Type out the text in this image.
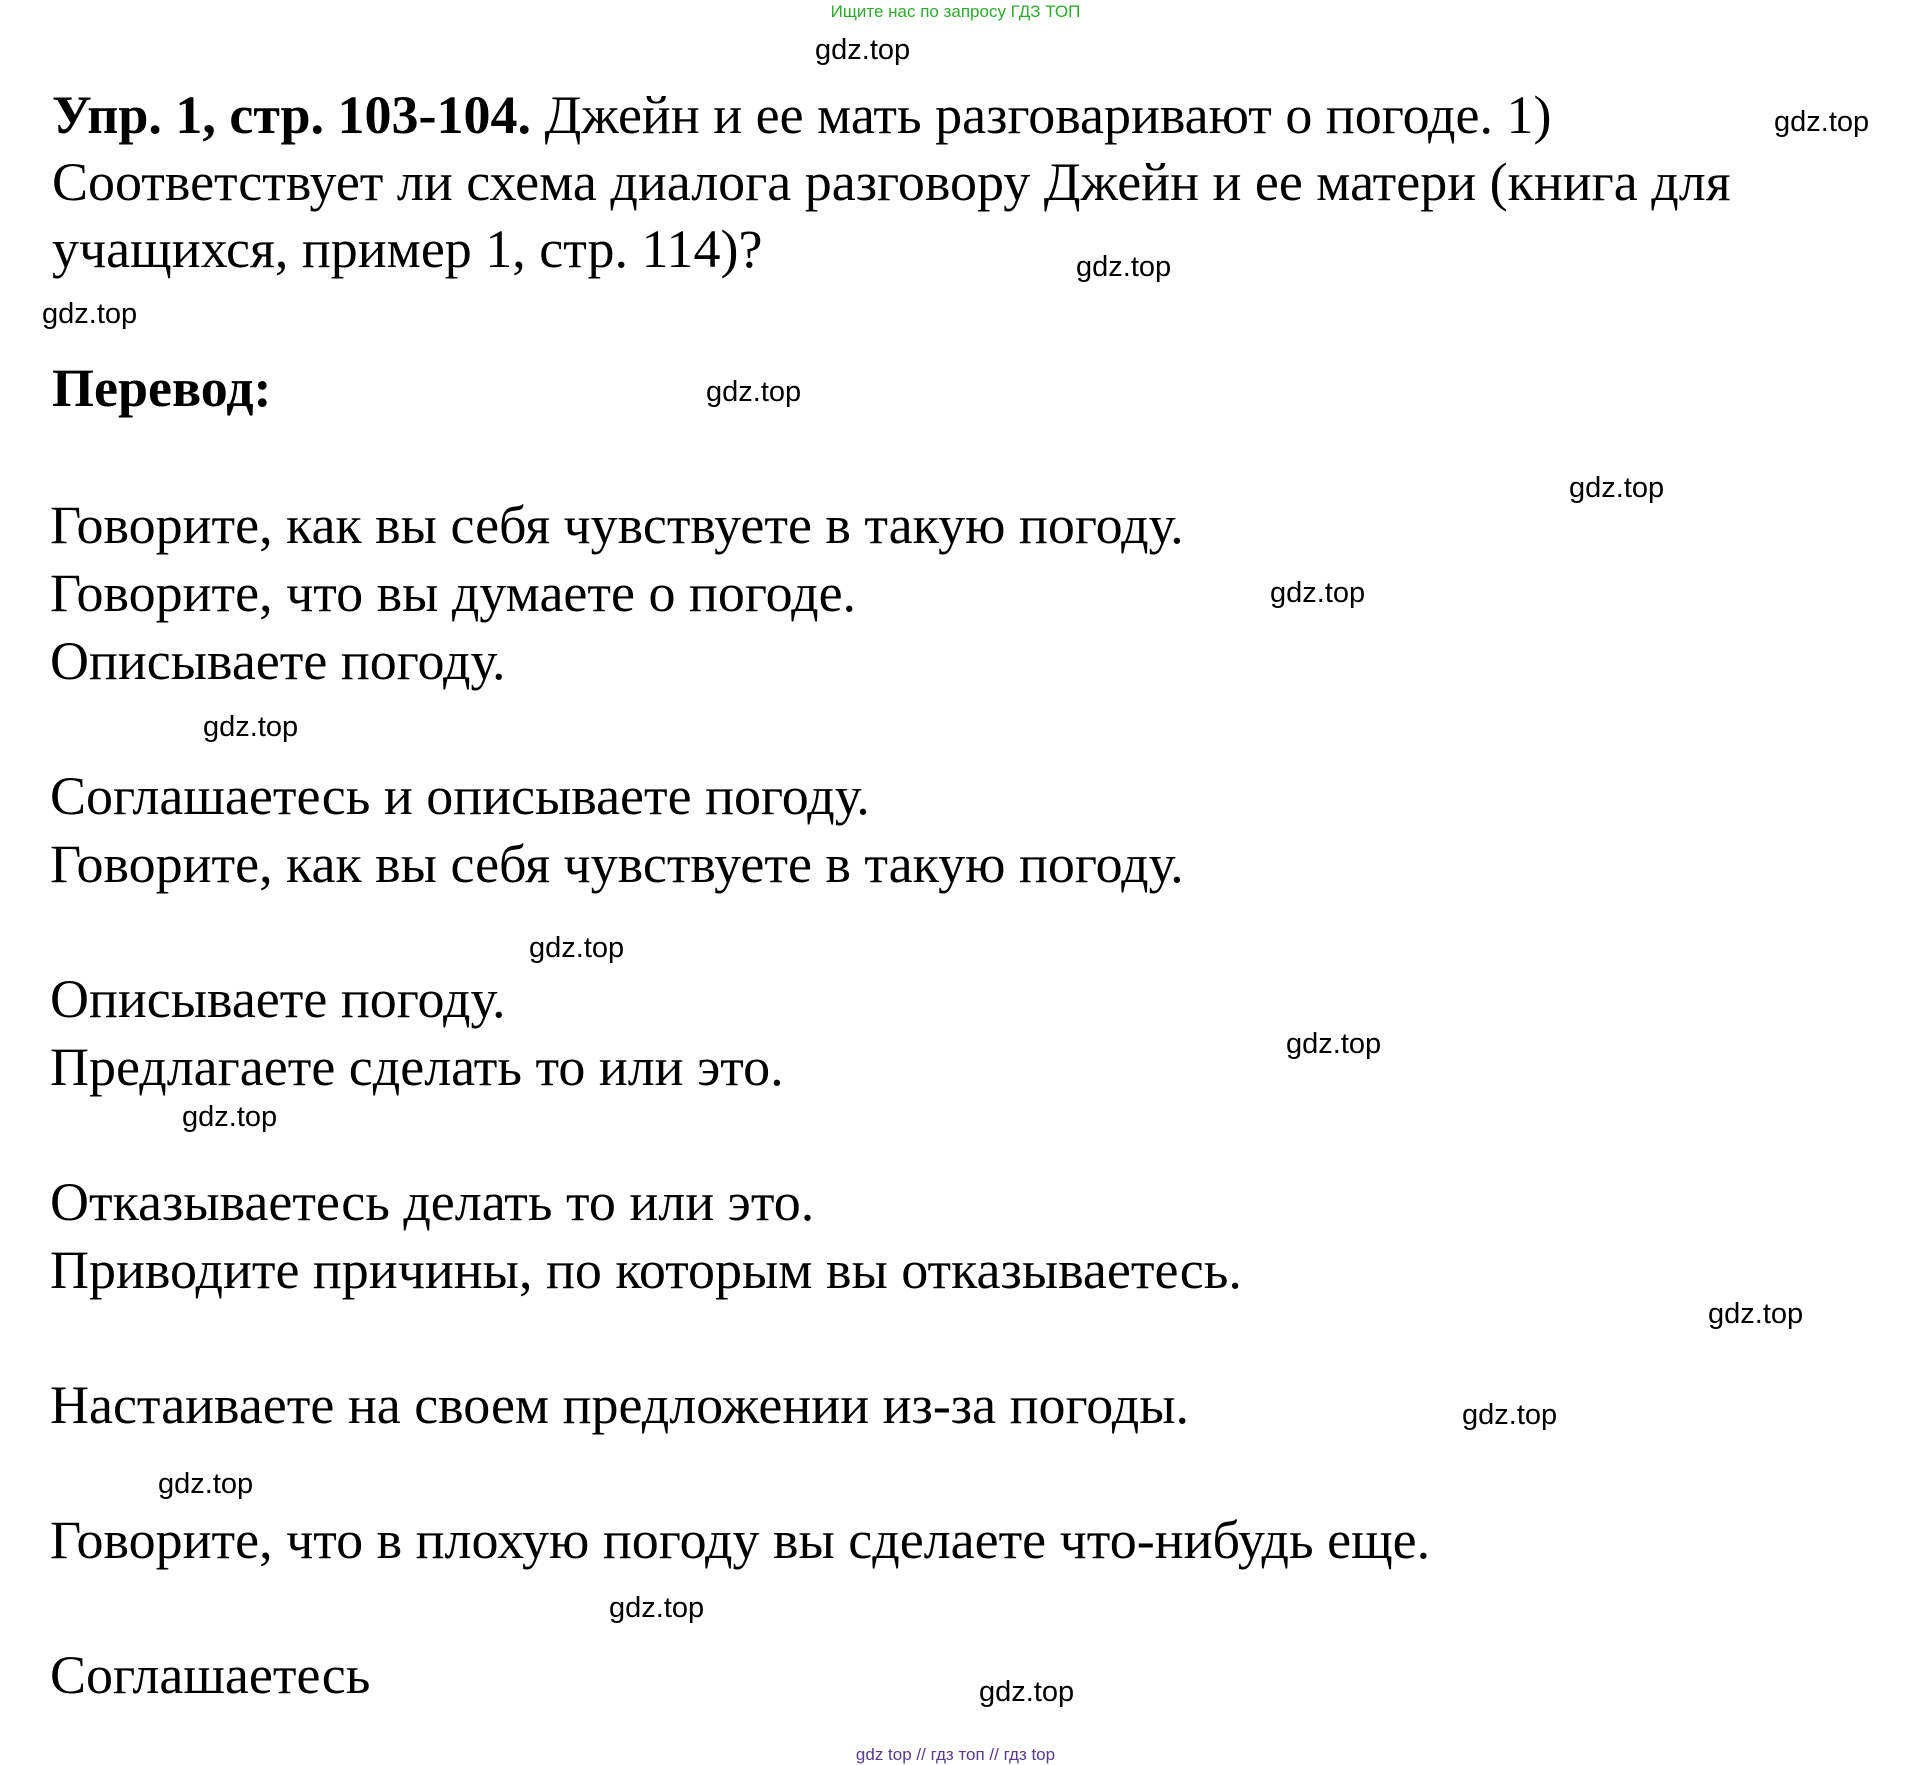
Ищите нас по запросу ГДЗ ТОП
Упр. 1, стр. 103-104. Джейн и ее мать разговаривают о погоде. 1) Соответствует ли схема диалога разговору Джейн и ее матери (книга для учащихся, пример 1, стр. 114)?
Перевод:
Говорите, как вы себя чувствуете в такую погоду.
Говорите, что вы думаете о погоде.
Описываете погоду.
Соглашаетесь и описываете погоду.
Говорите, как вы себя чувствуете в такую погоду.
Описываете погоду.
Предлагаете сделать то или это.
Отказываетесь делать то или это.
Приводите причины, по которым вы отказываетесь.
Настаиваете на своем предложении из-за погоды.
Говорите, что в плохую погоду вы сделаете что-нибудь еще.
Соглашаетесь
gdz.top
gdz.top
gdz.top
gdz.top
gdz.top
gdz.top
gdz.top
gdz.top
gdz.top
gdz.top
gdz.top
gdz.top
gdz.top
gdz.top
gdz.top
gdz.top
gdz top // гдз топ // гдз top
